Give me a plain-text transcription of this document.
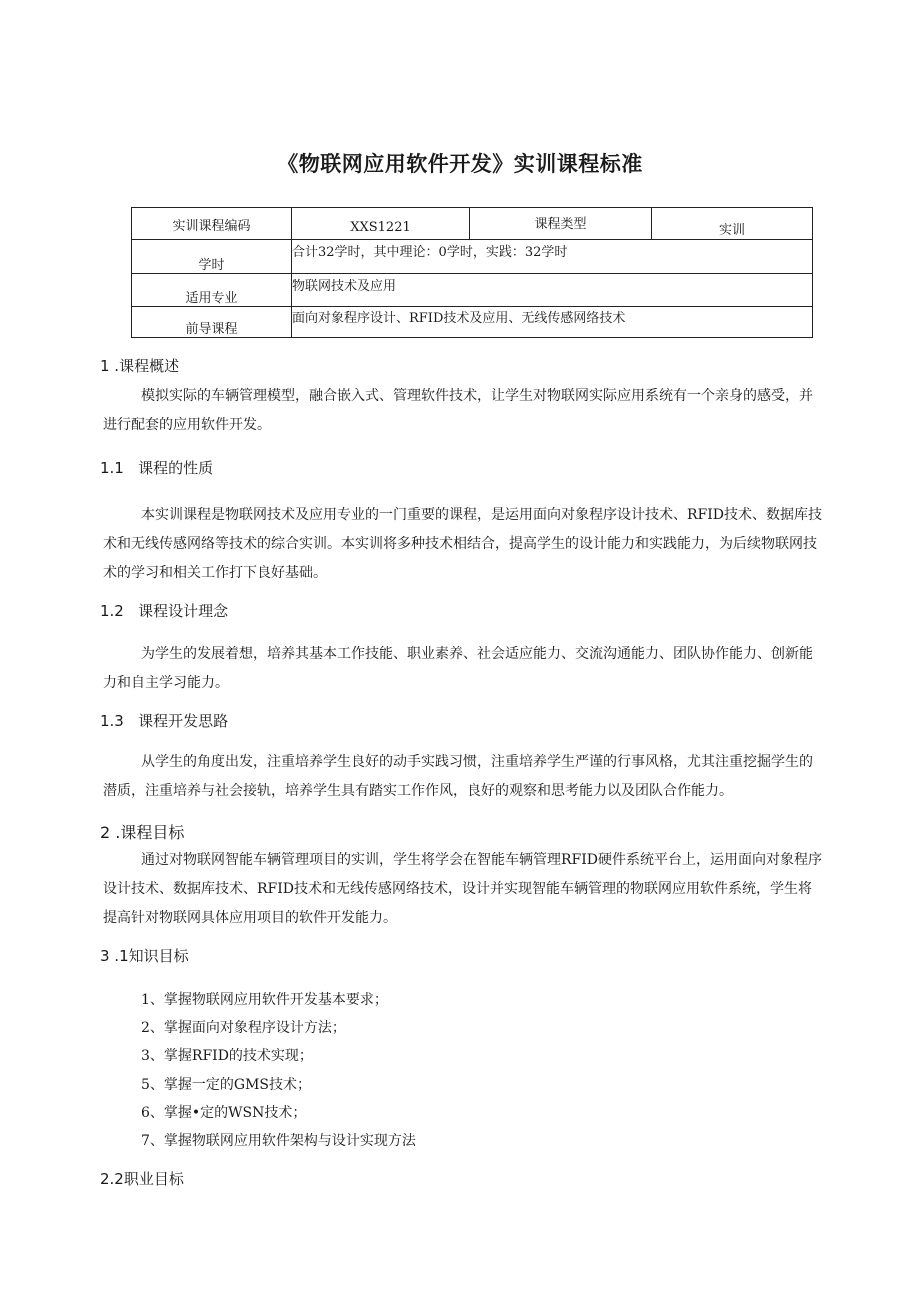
《物联网应用软件开发》实训课程标准
实训课程编码	XXS1221	课程类型	实训

学时	合计32学时，其中理论：0学时，实践：32学时		

适用专业	物联网技术及应用		

前导课程	面向对象程序设计、RFID技术及应用、无线传感网络技术		
1 .课程概述

模拟实际的车辆管理模型，融合嵌入式、管理软件技术，让学生对物联网实际应用系统有一个亲身的感受，并进行配套的应用软件开发。

1.1   课程的性质

本实训课程是物联网技术及应用专业的一门重要的课程，是运用面向对象程序设计技术、RFID技术、数据库技术和无线传感网络等技术的综合实训。本实训将多种技术相结合，提高学生的设计能力和实践能力，为后续物联网技术的学习和相关工作打下良好基础。

1.2   课程设计理念

为学生的发展着想，培养其基本工作技能、职业素养、社会适应能力、交流沟通能力、团队协作能力、创新能力和自主学习能力。

1.3   课程开发思路

从学生的角度出发，注重培养学生良好的动手实践习惯，注重培养学生严谨的行事风格，尤其注重挖掘学生的潜质，注重培养与社会接轨，培养学生具有踏实工作作风，良好的观察和思考能力以及团队合作能力。

2 .课程目标

通过对物联网智能车辆管理项目的实训，学生将学会在智能车辆管理RFID硬件系统平台上，运用面向对象程序设计技术、数据库技术、RFID技术和无线传感网络技术，设计并实现智能车辆管理的物联网应用软件系统，学生将提高针对物联网具体应用项目的软件开发能力。

3 .1知识目标
1、掌握物联网应用软件开发基本要求；
2、掌握面向对象程序设计方法；
3、掌握RFID的技术实现；
5、掌握一定的GMS技术；
6、掌握•定的WSN技术；
7、掌握物联网应用软件架构与设计实现方法
2.2职业目标
